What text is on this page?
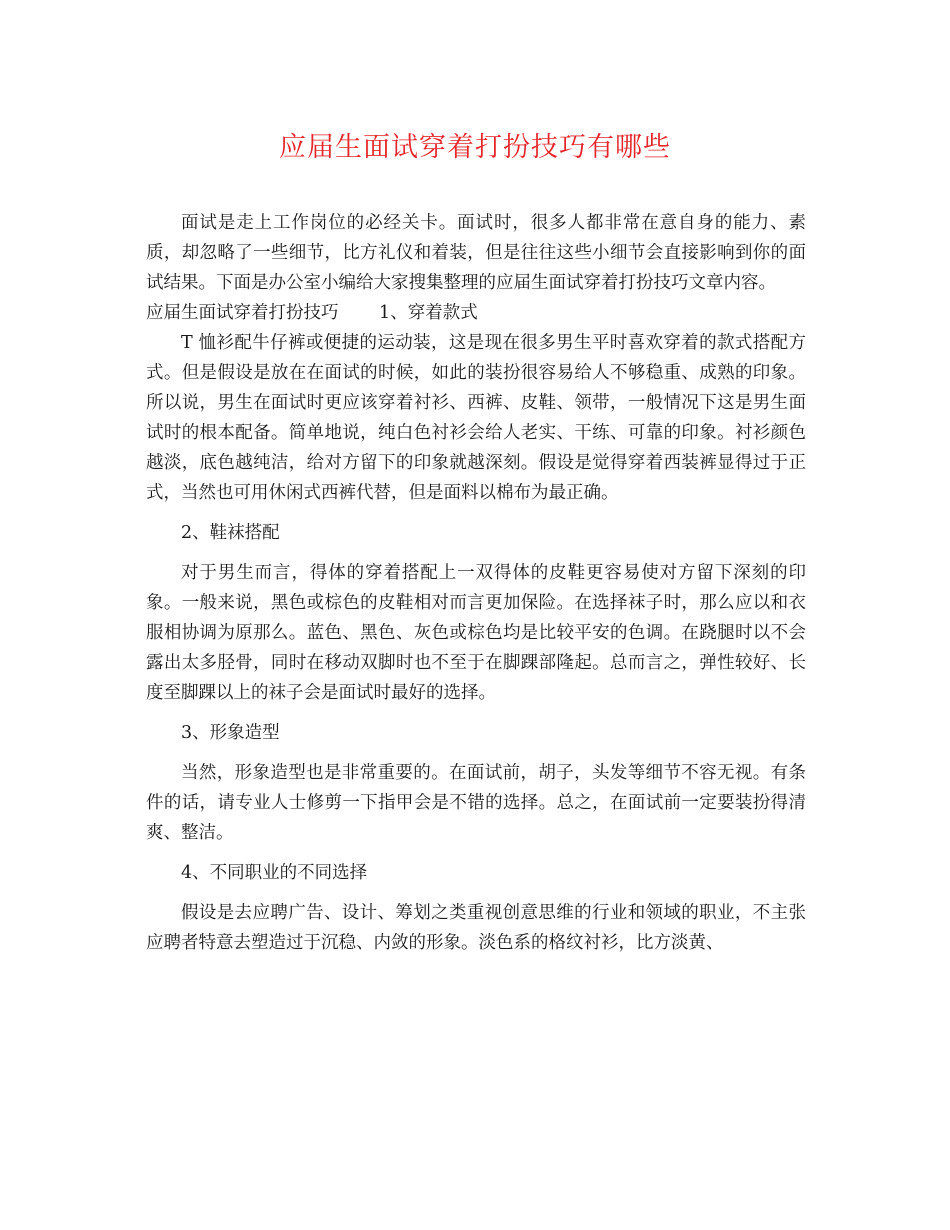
应届生面试穿着打扮技巧有哪些

面试是走上工作岗位的必经关卡。面试时，很多人都非常在意自身的能力、素质，却忽略了一些细节，比方礼仪和着装，但是往往这些小细节会直接影响到你的面试结果。下面是办公室小编给大家搜集整理的应届生面试穿着打扮技巧文章内容。

应届生面试穿着打扮技巧　　 1、穿着款式

T 恤衫配牛仔裤或便捷的运动装，这是现在很多男生平时喜欢穿着的款式搭配方式。但是假设是放在在面试的时候，如此的装扮很容易给人不够稳重、成熟的印象。所以说，男生在面试时更应该穿着衬衫、西裤、皮鞋、领带，一般情况下这是男生面试时的根本配备。简单地说，纯白色衬衫会给人老实、干练、可靠的印象。衬衫颜色越淡，底色越纯洁，给对方留下的印象就越深刻。假设是觉得穿着西装裤显得过于正式，当然也可用休闲式西裤代替，但是面料以棉布为最正确。

2、鞋袜搭配

对于男生而言，得体的穿着搭配上一双得体的皮鞋更容易使对方留下深刻的印象。一般来说，黑色或棕色的皮鞋相对而言更加保险。在选择袜子时，那么应以和衣服相协调为原那么。蓝色、黑色、灰色或棕色均是比较平安的色调。在跷腿时以不会露出太多胫骨，同时在移动双脚时也不至于在脚踝部隆起。总而言之，弹性较好、长度至脚踝以上的袜子会是面试时最好的选择。

3、形象造型

当然，形象造型也是非常重要的。在面试前，胡子，头发等细节不容无视。有条件的话，请专业人士修剪一下指甲会是不错的选择。总之，在面试前一定要装扮得清爽、整洁。

4、不同职业的不同选择

假设是去应聘广告、设计、筹划之类重视创意思维的行业和领域的职业，不主张应聘者特意去塑造过于沉稳、内敛的形象。淡色系的格纹衬衫，比方淡黄、
